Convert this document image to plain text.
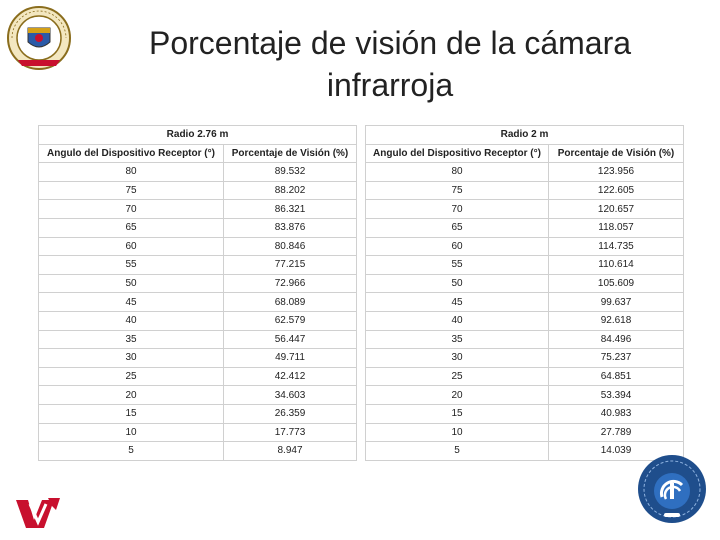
Porcentaje de visión de la cámara infrarroja
Radio 2.76 m	
Angulo del Dispositivo Receptor (°)	Porcentaje de Visión (%)
80	89.532
75	88.202
70	86.321
65	83.876
60	80.846
55	77.215
50	72.966
45	68.089
40	62.579
35	56.447
30	49.711
25	42.412
20	34.603
15	26.359
10	17.773
5	8.947
Radio 2 m	
Angulo del Dispositivo Receptor (°)	Porcentaje de Visión (%)
80	123.956
75	122.605
70	120.657
65	118.057
60	114.735
55	110.614
50	105.609
45	99.637
40	92.618
35	84.496
30	75.237
25	64.851
20	53.394
15	40.983
10	27.789
5	14.039
